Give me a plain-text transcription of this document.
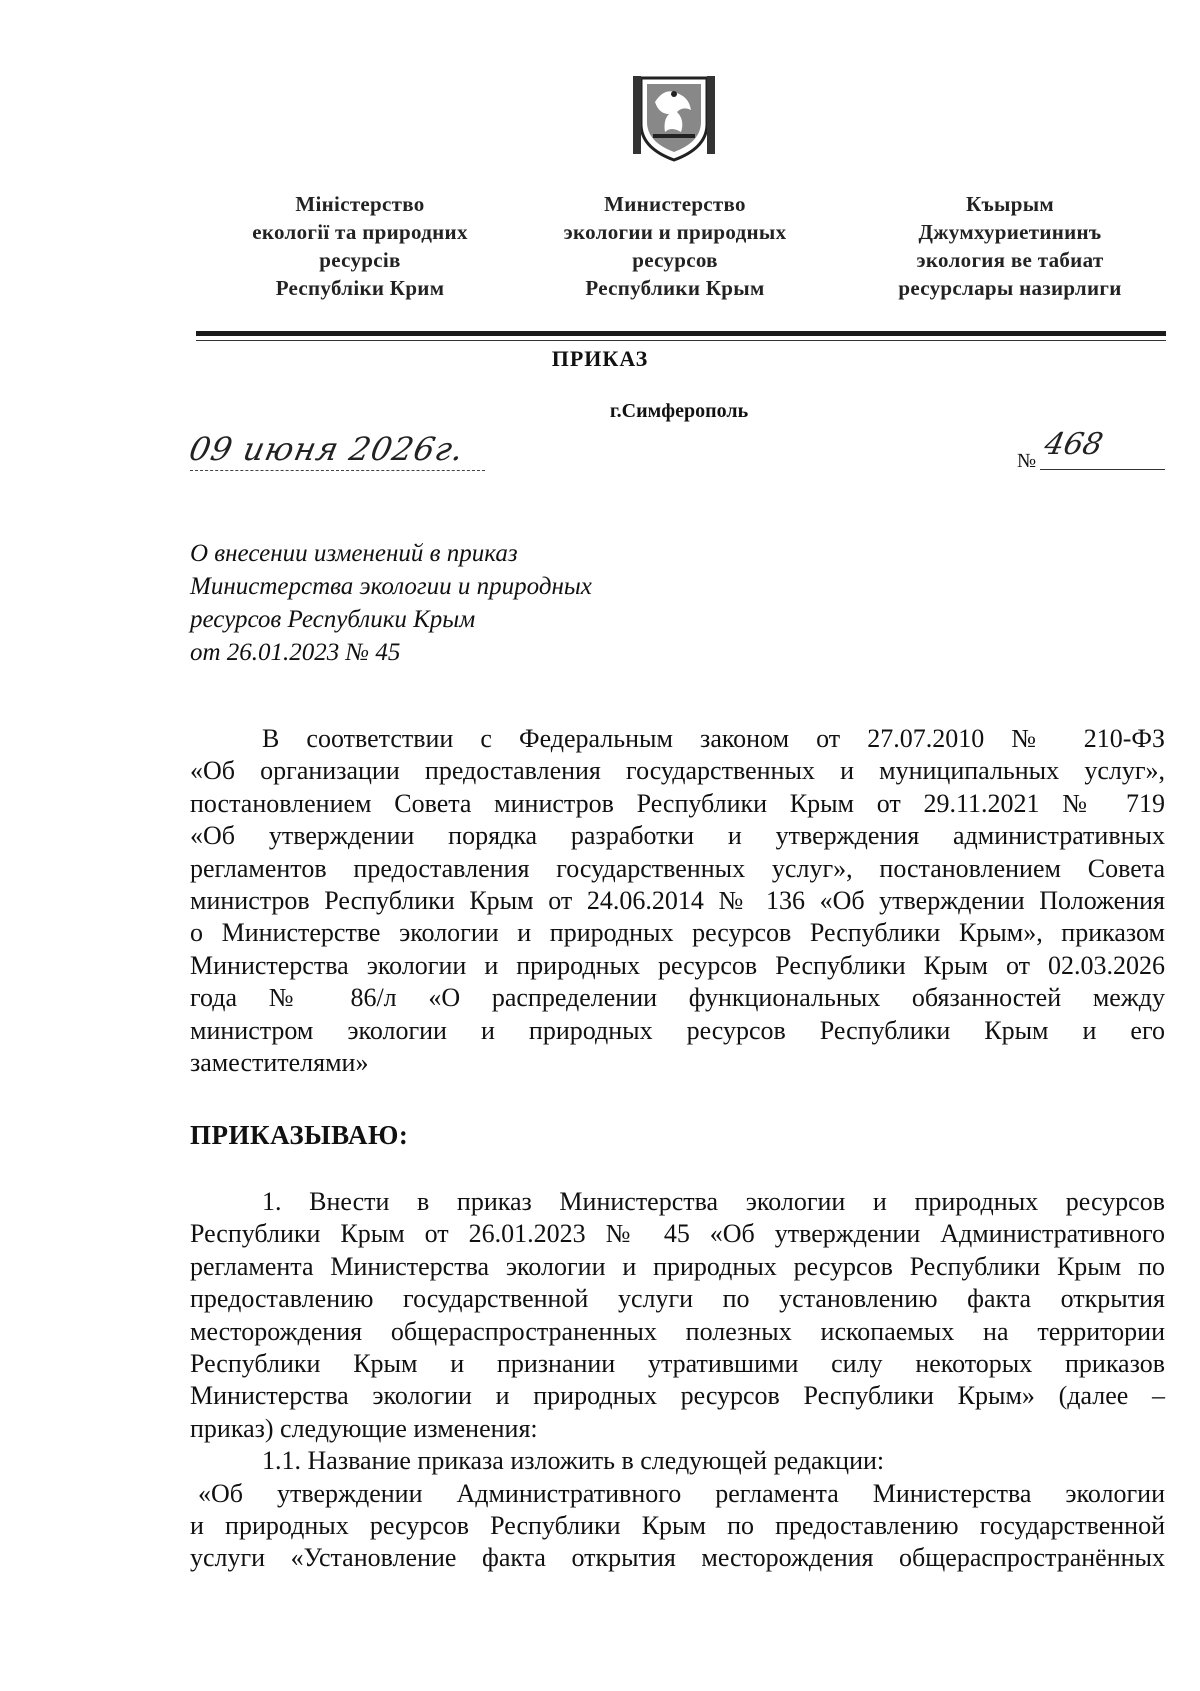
Міністерство
екології та природних
ресурсів
Республіки Крим
Министерство
экологии и природных
ресурсов
Республики Крым
Къырым
Джумхуриетининъ
экология ве табиат
ресурслары назирлиги
ПРИКАЗ
г.Симферополь
09 июня 2026г.	№ 468
О внесении изменений в приказ
Министерства экологии и природных
ресурсов Республики Крым
от 26.01.2023 № 45
В соответствии с Федеральным законом от 27.07.2010 № 210-ФЗ
«Об организации предоставления государственных и муниципальных услуг»,
постановлением Совета министров Республики Крым от 29.11.2021 № 719
«Об утверждении порядка разработки и утверждения административных
регламентов предоставления государственных услуг», постановлением Совета
министров Республики Крым от 24.06.2014 № 136 «Об утверждении Положения
о Министерстве экологии и природных ресурсов Республики Крым», приказом
Министерства экологии и природных ресурсов Республики Крым от 02.03.2026
года № 86/л «О распределении функциональных обязанностей между
министром экологии и природных ресурсов Республики Крым и его
заместителями»
ПРИКАЗЫВАЮ:
1. Внести в приказ Министерства экологии и природных ресурсов
Республики Крым от 26.01.2023 № 45 «Об утверждении Административного
регламента Министерства экологии и природных ресурсов Республики Крым по
предоставлению государственной услуги по установлению факта открытия
месторождения общераспространенных полезных ископаемых на территории
Республики Крым и признании утратившими силу некоторых приказов
Министерства экологии и природных ресурсов Республики Крым» (далее –
приказ) следующие изменения:
1.1. Название приказа изложить в следующей редакции:
«Об утверждении Административного регламента Министерства экологии
и природных ресурсов Республики Крым по предоставлению государственной
услуги «Установление факта открытия месторождения общераспространённых
